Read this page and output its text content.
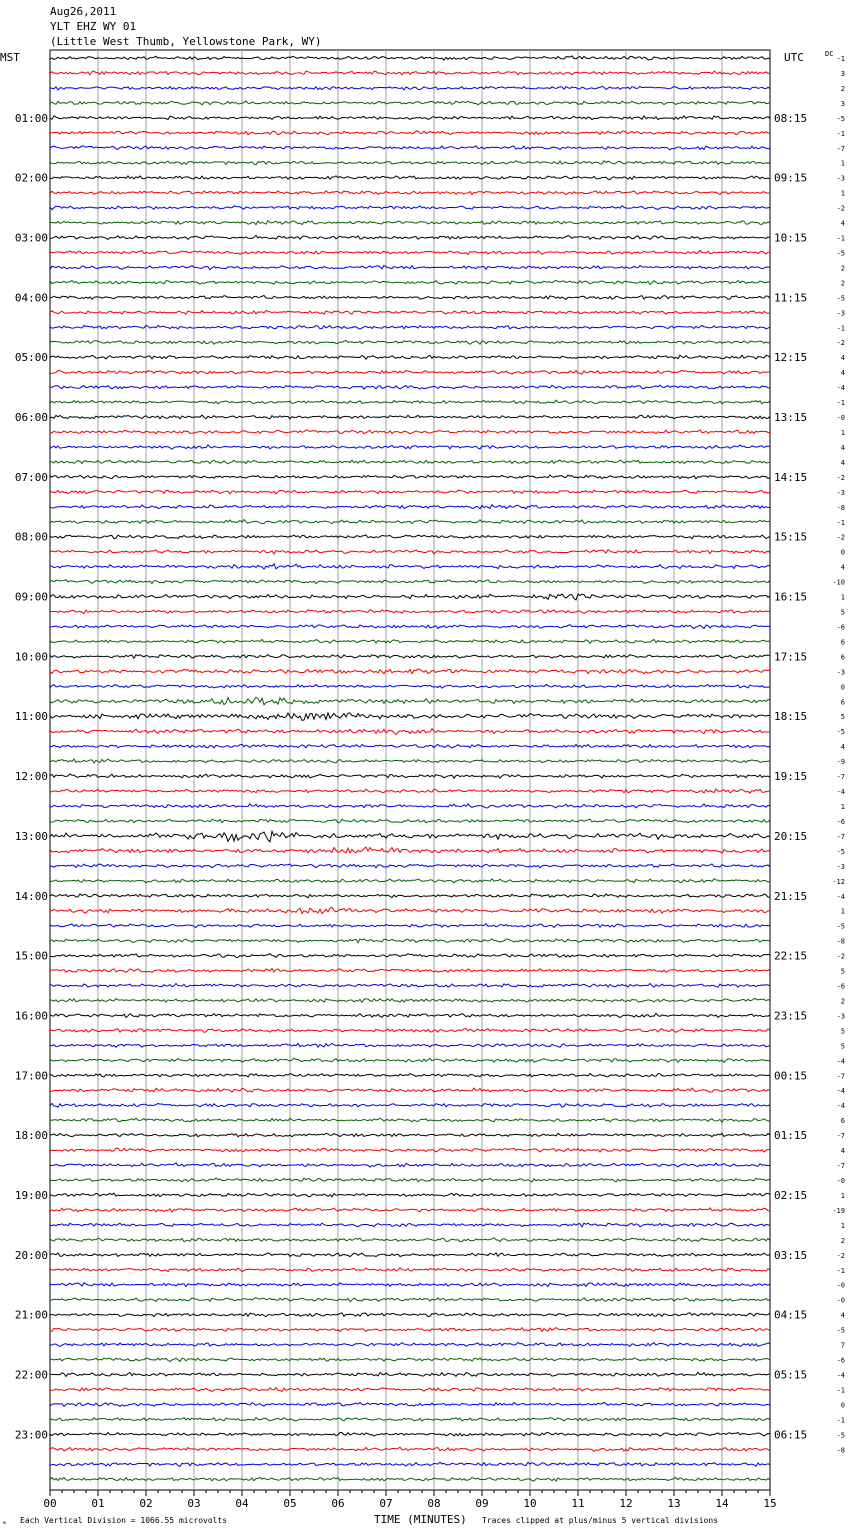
Aug26,2011
YLT EHZ WY 01
(Little West Thumb, Yellowstone Park, WY)
MST	UTC	DC
00	01	02	03	04	05	06	07	08	09	10	11	12	13	14	15
-1
3
2
3
-5
01:00	08:15
-1
-7
1
-3
02:00	09:15
1
-2
4
-1
03:00	10:15
-5
2
2
-5
04:00	11:15
-3
-1
-2
4
05:00	12:15
4
-4
-1
-0
06:00	13:15
1
4
4
-2
07:00	14:15
-3
-8
-1
-2
08:00	15:15
0
4
-10
1
09:00	16:15
5
-6
6
6
10:00	17:15
-3
0
6
5
11:00	18:15
-5
4
-9
-7
12:00	19:15
-4
1
-6
-7
13:00	20:15
-5
-3
-12
-4
14:00	21:15
1
-5
-8
-2
15:00	22:15
5
-6
2
-3
16:00	23:15
5
5
-4
-7
17:00	00:15
-4
-4
6
-7
18:00	01:15
4
-7
-0
1
19:00	02:15
-19
1
2
-2
20:00	03:15
-1
-0
-0
4
21:00	04:15
-5
7
-6
-4
22:00	05:15
-1
0
-1
-5
23:00	06:15
-8
TIME (MINUTES)
Each Vertical Division = 1066.55 microvolts	Traces clipped at plus/minus 5 vertical divisions
ₘ
